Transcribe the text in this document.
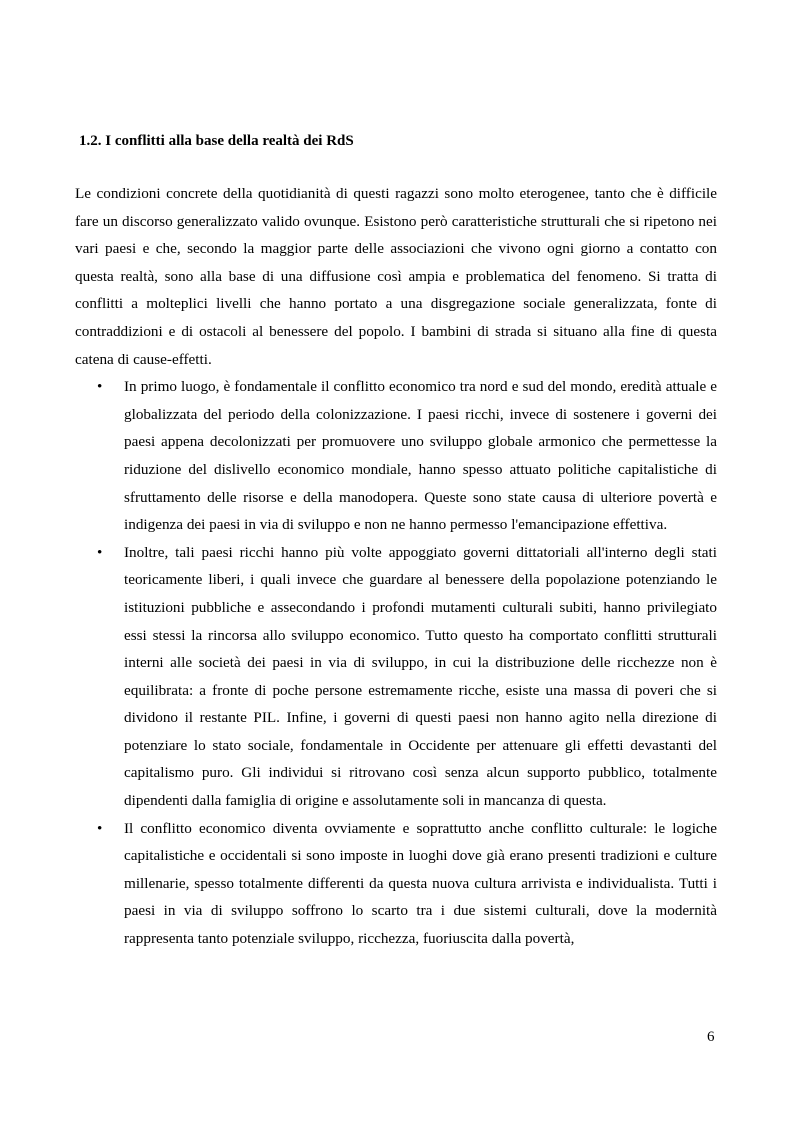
1.2. I conflitti alla base della realtà dei RdS

Le condizioni concrete della quotidianità di questi ragazzi sono molto eterogenee, tanto che è difficile fare un discorso generalizzato valido ovunque. Esistono però caratteristiche strutturali che si ripetono nei vari paesi e che, secondo la maggior parte delle associazioni che vivono ogni giorno a contatto con questa realtà, sono alla base di una diffusione così ampia e problematica del fenomeno. Si tratta di conflitti a molteplici livelli che hanno portato a una disgregazione sociale generalizzata, fonte di contraddizioni e di ostacoli al benessere del popolo. I bambini di strada si situano alla fine di questa catena di cause-effetti.

• In primo luogo, è fondamentale il conflitto economico tra nord e sud del mondo, eredità attuale e globalizzata del periodo della colonizzazione. I paesi ricchi, invece di sostenere i governi dei paesi appena decolonizzati per promuovere uno sviluppo globale armonico che permettesse la riduzione del dislivello economico mondiale, hanno spesso attuato politiche capitalistiche di sfruttamento delle risorse e della manodopera. Queste sono state causa di ulteriore povertà e indigenza dei paesi in via di sviluppo e non ne hanno permesso l'emancipazione effettiva.
• Inoltre, tali paesi ricchi hanno più volte appoggiato governi dittatoriali all'interno degli stati teoricamente liberi, i quali invece che guardare al benessere della popolazione potenziando le istituzioni pubbliche e assecondando i profondi mutamenti culturali subiti, hanno privilegiato essi stessi la rincorsa allo sviluppo economico. Tutto questo ha comportato conflitti strutturali interni alle società dei paesi in via di sviluppo, in cui la distribuzione delle ricchezze non è equilibrata: a fronte di poche persone estremamente ricche, esiste una massa di poveri che si dividono il restante PIL. Infine, i governi di questi paesi non hanno agito nella direzione di potenziare lo stato sociale, fondamentale in Occidente per attenuare gli effetti devastanti del capitalismo puro. Gli individui si ritrovano così senza alcun supporto pubblico, totalmente dipendenti dalla famiglia di origine e assolutamente soli in mancanza di questa.
• Il conflitto economico diventa ovviamente e soprattutto anche conflitto culturale: le logiche capitalistiche e occidentali si sono imposte in luoghi dove già erano presenti tradizioni e culture millenarie, spesso totalmente differenti da questa nuova cultura arrivista e individualista. Tutti i paesi in via di sviluppo soffrono lo scarto tra i due sistemi culturali, dove la modernità rappresenta tanto potenziale sviluppo, ricchezza, fuoriuscita dalla povertà,
6
